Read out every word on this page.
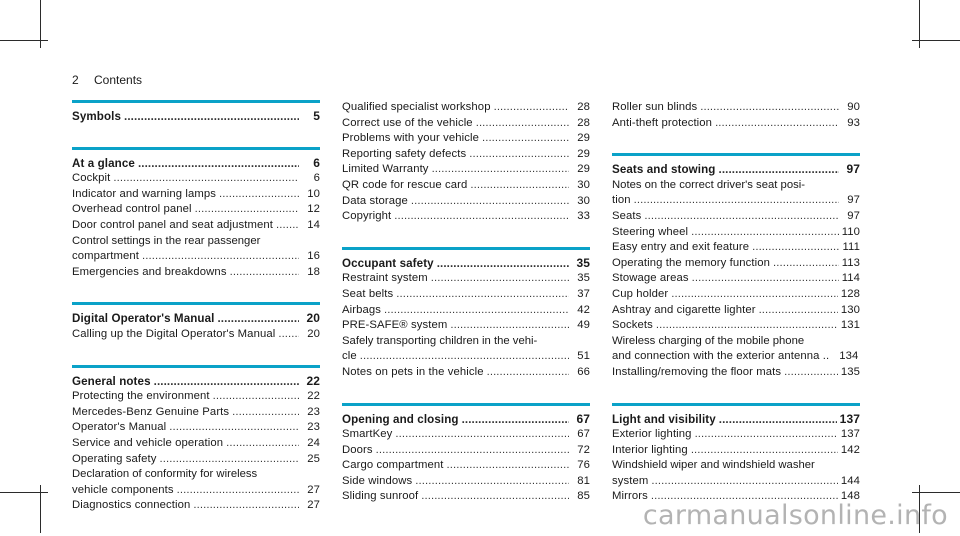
2 Contents
Symbols .....	5
At a glance .....	6
Cockpit .....	6
Indicator and warning lamps .....	10
Overhead control panel .....	12
Door control panel and seat adjustment .....	14
Control settings in the rear passenger
compartment .....	16
Emergencies and breakdowns .....	18
Digital Operator's Manual .....	20
Calling up the Digital Operator's Manual .....	20
General notes .....	22
Protecting the environment .....	22
Mercedes-Benz Genuine Parts .....	23
Operator's Manual .....	23
Service and vehicle operation .....	24
Operating safety .....	25
Declaration of conformity for wireless
vehicle components .....	27
Diagnostics connection .....	27
Qualified specialist workshop .....	28
Correct use of the vehicle .....	28
Problems with your vehicle .....	29
Reporting safety defects .....	29
Limited Warranty .....	29
QR code for rescue card .....	30
Data storage .....	30
Copyright .....	33
Occupant safety .....	35
Restraint system .....	35
Seat belts .....	37
Airbags .....	42
PRE-SAFE® system .....	49
Safely transporting children in the vehi-
cle .....	51
Notes on pets in the vehicle .....	66
Opening and closing .....	67
SmartKey .....	67
Doors .....	72
Cargo compartment .....	76
Side windows .....	81
Sliding sunroof .....	85
Roller sun blinds .....	90
Anti-theft protection .....	93
Seats and stowing .....	97
Notes on the correct driver's seat posi-
tion .....	97
Seats .....	97
Steering wheel .....	110
Easy entry and exit feature .....	111
Operating the memory function .....	113
Stowage areas .....	114
Cup holder .....	128
Ashtray and cigarette lighter .....	130
Sockets .....	131
Wireless charging of the mobile phone
and connection with the exterior antenna .. 134
Installing/removing the floor mats .....	135
Light and visibility .....	137
Exterior lighting .....	137
Interior lighting .....	142
Windshield wiper and windshield washer
system .....	144
Mirrors .....	148
carmanualsonline.info
